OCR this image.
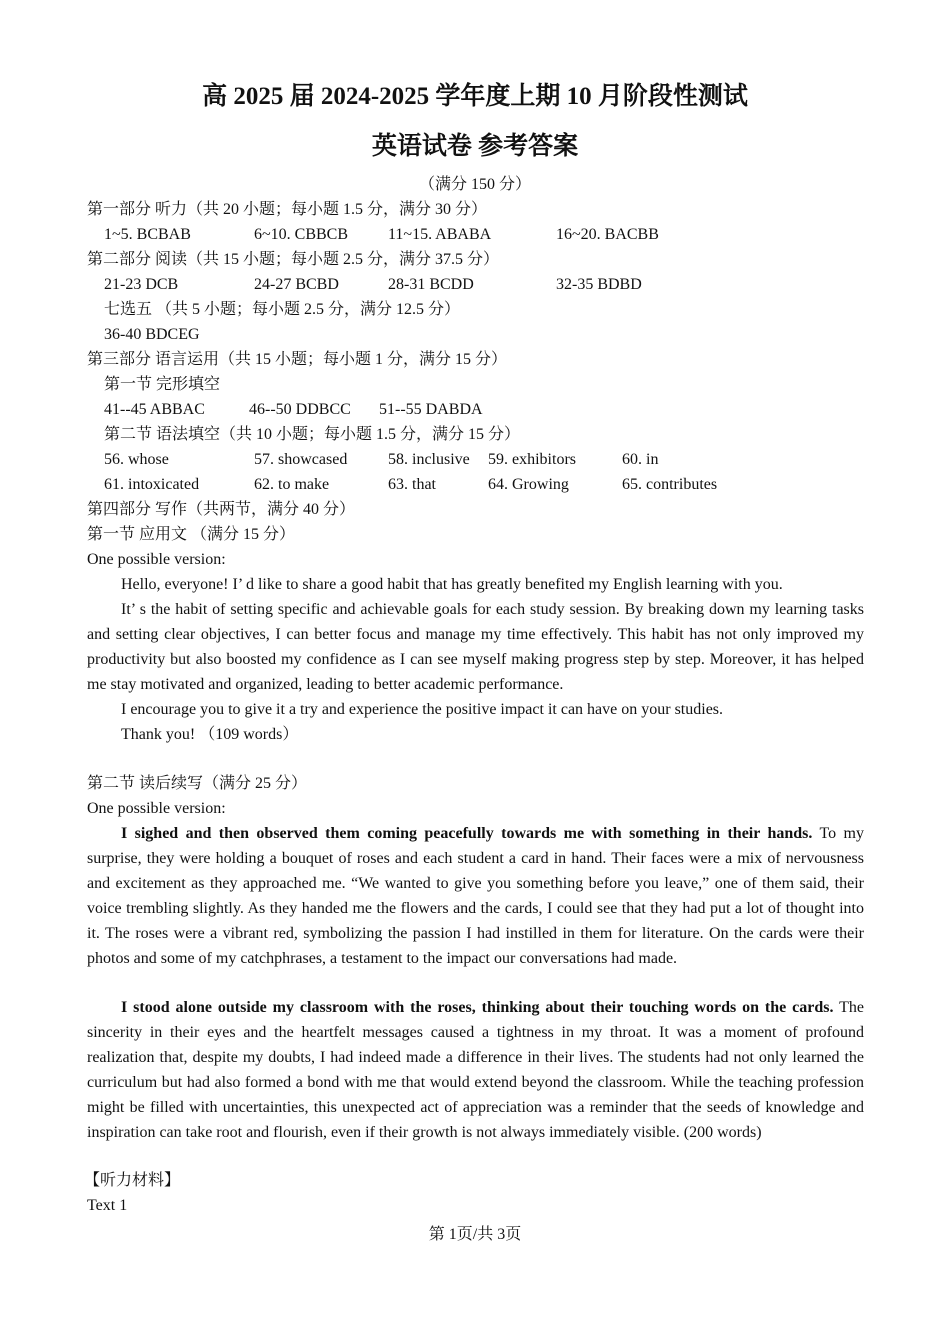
高 2025 届 2024-2025 学年度上期 10 月阶段性测试
英语试卷 参考答案
（满分 150 分）
第一部分 听力（共 20 小题；每小题 1.5 分，满分 30 分）
1~5. BCBAB	6~10. CBBCB 11~15. ABABA	16~20. BACBB
第二部分 阅读（共 15 小题；每小题 2.5 分，满分 37.5 分）
21-23 DCB	24-27 BCBD	28-31 BCDD	32-35 BDBD
七选五 （共 5 小题；每小题 2.5 分，满分 12.5 分）
36-40 BDCEG
第三部分 语言运用（共 15 小题；每小题 1 分，满分 15 分）
第一节 完形填空
41--45 ABBAC	46--50 DDBCC 51--55 DABDA
第二节 语法填空（共 10 小题；每小题 1.5 分，满分 15 分）
56. whose	57. showcased	58. inclusive 59. exhibitors	60. in
61. intoxicated	62. to make	63. that	64. Growing	65. contributes
第四部分 写作（共两节，满分 40 分）
第一节 应用文 （满分 15 分）
One possible version:
Hello, everyone! I’ d like to share a good habit that has greatly benefited my English learning with you.
It’ s the habit of setting specific and achievable goals for each study session. By breaking down my learning tasks and setting clear objectives, I can better focus and manage my time effectively. This habit has not only improved my productivity but also boosted my confidence as I can see myself making progress step by step. Moreover, it has helped me stay motivated and organized, leading to better academic performance.
I encourage you to give it a try and experience the positive impact it can have on your studies.
Thank you! （109 words）
第二节 读后续写（满分 25 分）
One possible version:
I sighed and then observed them coming peacefully towards me with something in their hands. To my surprise, they were holding a bouquet of roses and each student a card in hand. Their faces were a mix of nervousness and excitement as they approached me. “We wanted to give you something before you leave,” one of them said, their voice trembling slightly. As they handed me the flowers and the cards, I could see that they had put a lot of thought into it. The roses were a vibrant red, symbolizing the passion I had instilled in them for literature. On the cards were their photos and some of my catchphrases, a testament to the impact our conversations had made.
I stood alone outside my classroom with the roses, thinking about their touching words on the cards. The sincerity in their eyes and the heartfelt messages caused a tightness in my throat. It was a moment of profound realization that, despite my doubts, I had indeed made a difference in their lives. The students had not only learned the curriculum but had also formed a bond with me that would extend beyond the classroom. While the teaching profession might be filled with uncertainties, this unexpected act of appreciation was a reminder that the seeds of knowledge and inspiration can take root and flourish, even if their growth is not always immediately visible. (200 words)
【听力材料】
Text 1
第 1页/共 3页
